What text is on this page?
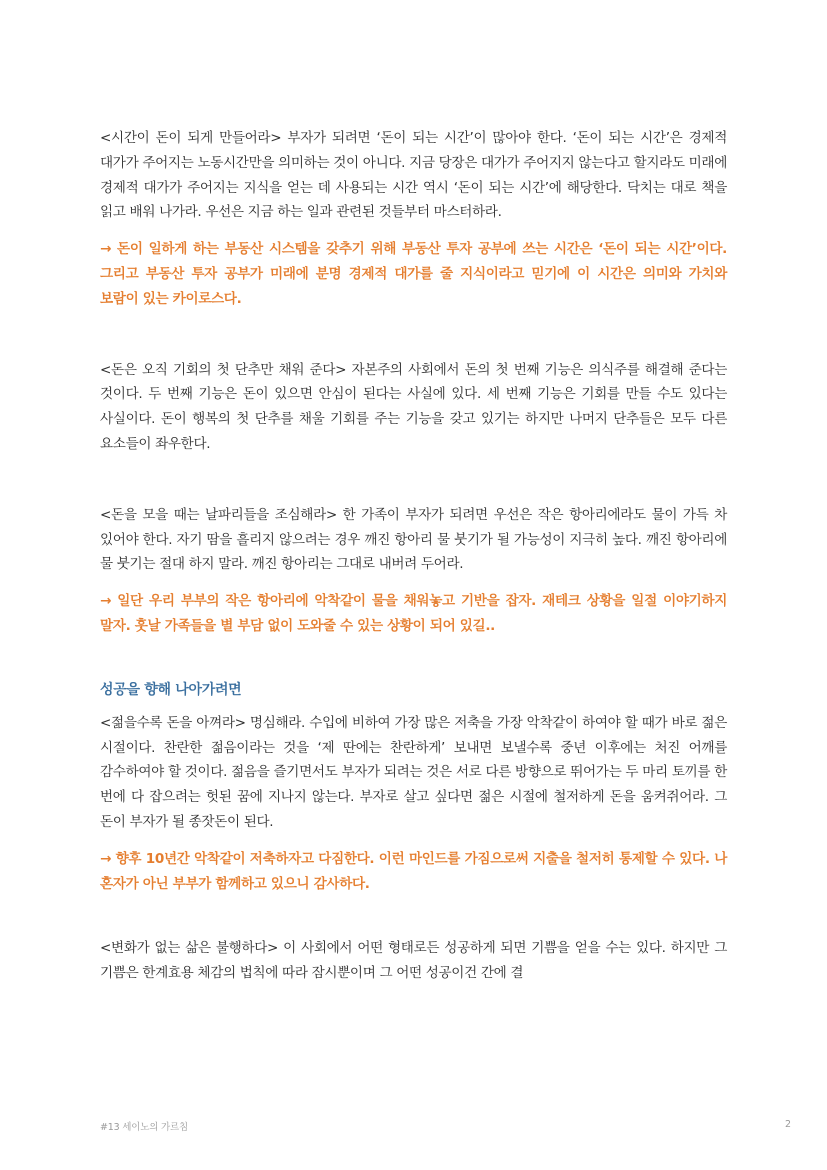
<시간이 돈이 되게 만들어라> 부자가 되려면 ‘돈이 되는 시간’이 많아야 한다. ‘돈이 되는 시간’은 경제적 대가가 주어지는 노동시간만을 의미하는 것이 아니다. 지금 당장은 대가가 주어지지 않는다고 할지라도 미래에 경제적 대가가 주어지는 지식을 얻는 데 사용되는 시간 역시 ‘돈이 되는 시간’에 해당한다. 닥치는 대로 책을 읽고 배워 나가라. 우선은 지금 하는 일과 관련된 것들부터 마스터하라.

→ 돈이 일하게 하는 부동산 시스템을 갖추기 위해 부동산 투자 공부에 쓰는 시간은 ‘돈이 되는 시간’이다. 그리고 부동산 투자 공부가 미래에 분명 경제적 대가를 줄 지식이라고 믿기에 이 시간은 의미와 가치와 보람이 있는 카이로스다.

<돈은 오직 기회의 첫 단추만 채워 준다> 자본주의 사회에서 돈의 첫 번째 기능은 의식주를 해결해 준다는 것이다. 두 번째 기능은 돈이 있으면 안심이 된다는 사실에 있다. 세 번째 기능은 기회를 만들 수도 있다는 사실이다. 돈이 행복의 첫 단추를 채울 기회를 주는 기능을 갖고 있기는 하지만 나머지 단추들은 모두 다른 요소들이 좌우한다.

<돈을 모을 때는 날파리들을 조심해라> 한 가족이 부자가 되려면 우선은 작은 항아리에라도 물이 가득 차 있어야 한다. 자기 땀을 흘리지 않으려는 경우 깨진 항아리 물 붓기가 될 가능성이 지극히 높다. 깨진 항아리에 물 붓기는 절대 하지 말라. 깨진 항아리는 그대로 내버려 두어라.

→ 일단 우리 부부의 작은 항아리에 악착같이 물을 채워놓고 기반을 잡자. 재테크 상황을 일절 이야기하지 말자. 훗날 가족들을 별 부담 없이 도와줄 수 있는 상황이 되어 있길..

성공을 향해 나아가려면

<젊을수록 돈을 아껴라> 명심해라. 수입에 비하여 가장 많은 저축을 가장 악착같이 하여야 할 때가 바로 젊은 시절이다. 찬란한 젊음이라는 것을 ‘제 딴에는 찬란하게’ 보내면 보낼수록 중년 이후에는 처진 어깨를 감수하여야 할 것이다. 젊음을 즐기면서도 부자가 되려는 것은 서로 다른 방향으로 뛰어가는 두 마리 토끼를 한 번에 다 잡으려는 헛된 꿈에 지나지 않는다. 부자로 살고 싶다면 젊은 시절에 철저하게 돈을 움켜쥐어라. 그 돈이 부자가 될 종잣돈이 된다.

→ 향후 10년간 악착같이 저축하자고 다짐한다. 이런 마인드를 가짐으로써 지출을 철저히 통제할 수 있다. 나 혼자가 아닌 부부가 함께하고 있으니 감사하다.

<변화가 없는 삶은 불행하다> 이 사회에서 어떤 형태로든 성공하게 되면 기쁨을 얻을 수는 있다. 하지만 그 기쁨은 한계효용 체감의 법칙에 따라 잠시뿐이며 그 어떤 성공이건 간에 결

#13 세이노의 가르침	2
